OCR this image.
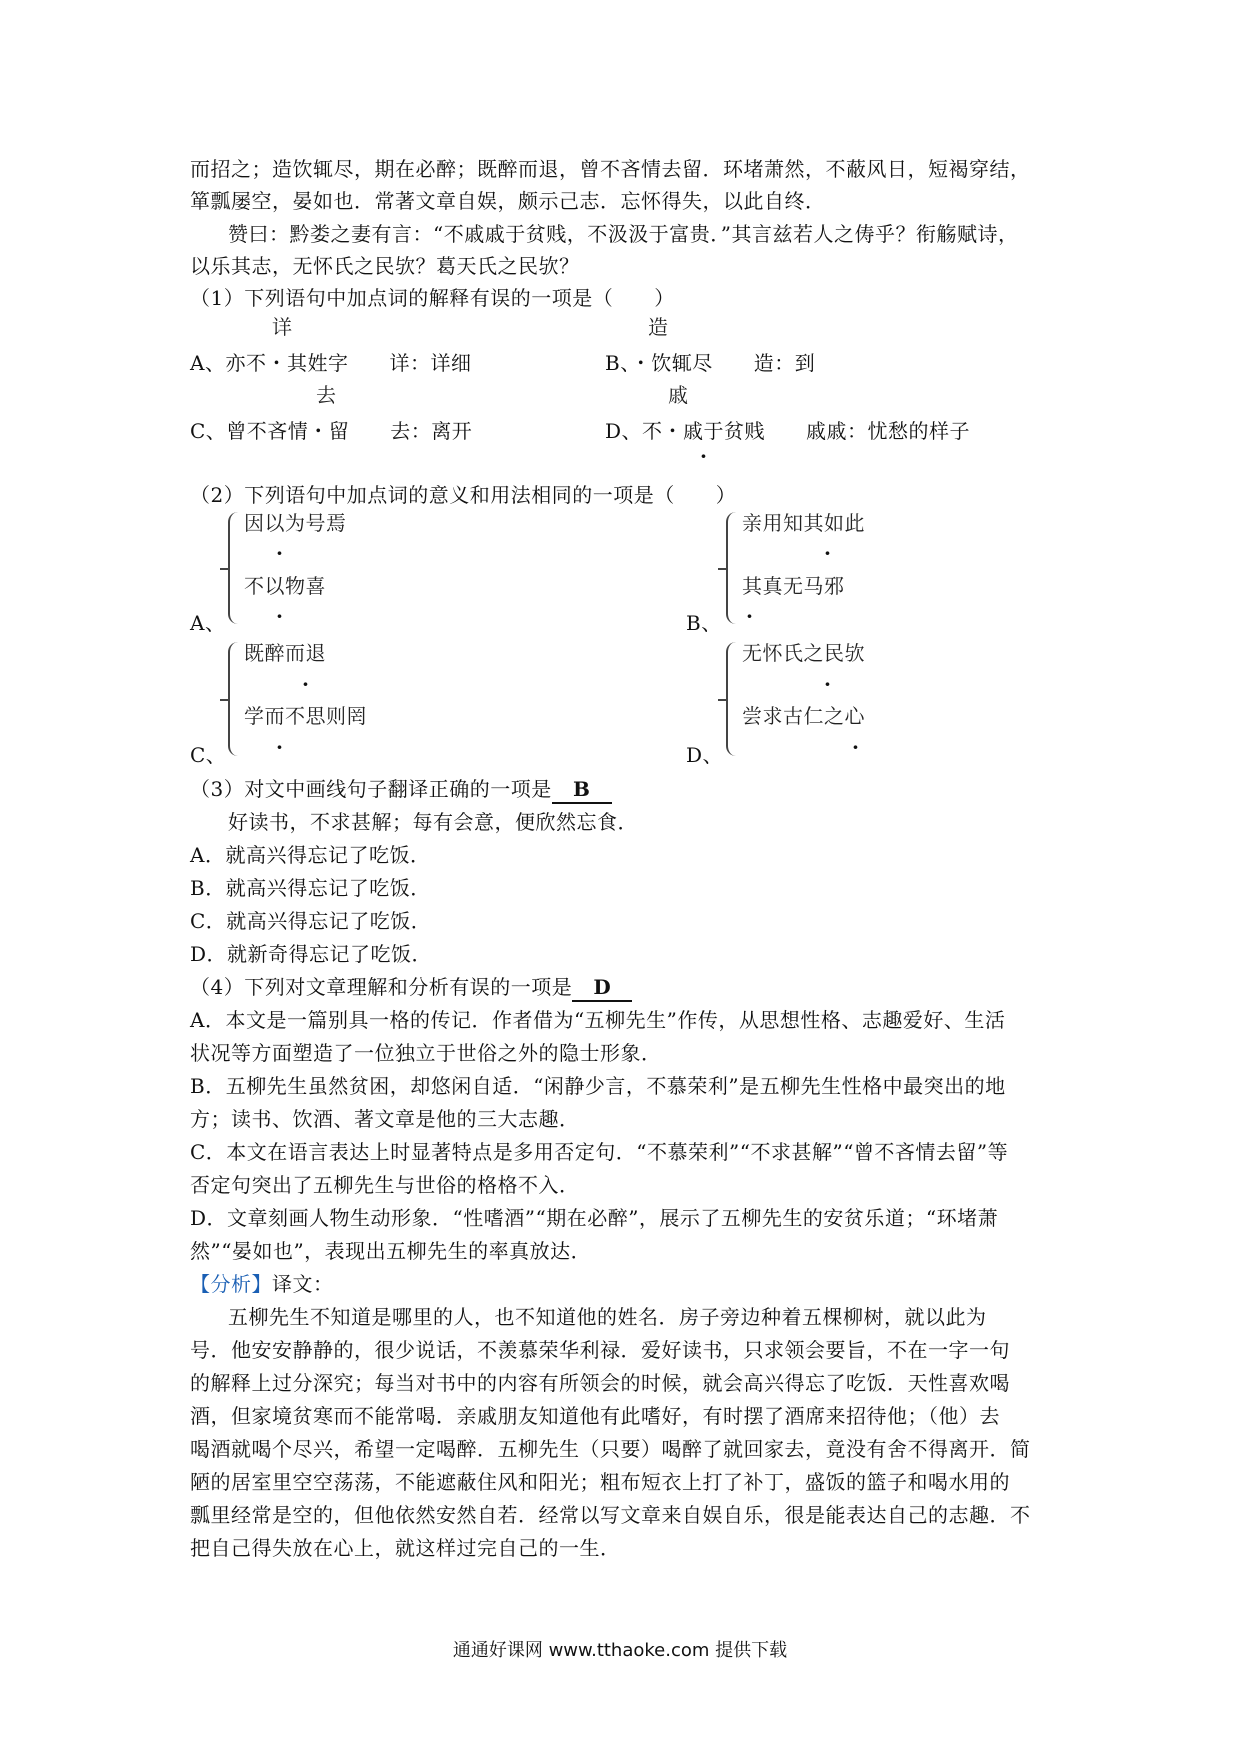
而招之；造饮辄尽，期在必醉；既醉而退，曾不吝情去留．环堵萧然，不蔽风日，短褐穿结，
箪瓢屡空，晏如也．常著文章自娱，颇示己志．忘怀得失，以此自终．
赞曰：黔娄之妻有言：“不戚戚于贫贱，不汲汲于富贵．”其言兹若人之俦乎？衔觞赋诗，
以乐其志，无怀氏之民欤？葛天氏之民欤？
（1）下列语句中加点词的解释有误的一项是（　　）
详
A、亦不・其姓字　　详：详细
造
B、・饮辄尽　　造：到
去
C、曾不吝情・留　　去：离开
戚
D、不・戚于贫贱　　戚戚：忧愁的样子
·
（2）下列语句中加点词的意义和用法相同的一项是（　　）
因以为号焉
·
不以物喜
·
A、
亲用知其如此
·
其真无马邪
·
B、
既醉而退
·
学而不思则罔
·
C、
无怀氏之民欤
·
尝求古仁之心
·
D、
（3）对文中画线句子翻译正确的一项是 B
好读书，不求甚解；每有会意，便欣然忘食．
A．就高兴得忘记了吃饭．
B．就高兴得忘记了吃饭．
C．就高兴得忘记了吃饭．
D．就新奇得忘记了吃饭．
（4）下列对文章理解和分析有误的一项是 D
A．本文是一篇别具一格的传记．作者借为“五柳先生”作传，从思想性格、志趣爱好、生活
状况等方面塑造了一位独立于世俗之外的隐士形象．
B．五柳先生虽然贫困，却悠闲自适．“闲静少言，不慕荣利”是五柳先生性格中最突出的地
方；读书、饮酒、著文章是他的三大志趣．
C．本文在语言表达上时显著特点是多用否定句．“不慕荣利”“不求甚解”“曾不吝情去留”等
否定句突出了五柳先生与世俗的格格不入．
D．文章刻画人物生动形象．“性嗜酒”“期在必醉”，展示了五柳先生的安贫乐道；“环堵萧
然”“晏如也”，表现出五柳先生的率真放达．
【分析】译文：
五柳先生不知道是哪里的人，也不知道他的姓名．房子旁边种着五棵柳树，就以此为
号．他安安静静的，很少说话，不羡慕荣华利禄．爱好读书，只求领会要旨，不在一字一句
的解释上过分深究；每当对书中的内容有所领会的时候，就会高兴得忘了吃饭．天性喜欢喝
酒，但家境贫寒而不能常喝．亲戚朋友知道他有此嗜好，有时摆了酒席来招待他；（他）去
喝酒就喝个尽兴，希望一定喝醉．五柳先生（只要）喝醉了就回家去，竟没有舍不得离开．简
陋的居室里空空荡荡，不能遮蔽住风和阳光；粗布短衣上打了补丁，盛饭的篮子和喝水用的
瓢里经常是空的，但他依然安然自若．经常以写文章来自娱自乐，很是能表达自己的志趣．不
把自己得失放在心上，就这样过完自己的一生．
通通好课网 www.tthaoke.com 提供下载
